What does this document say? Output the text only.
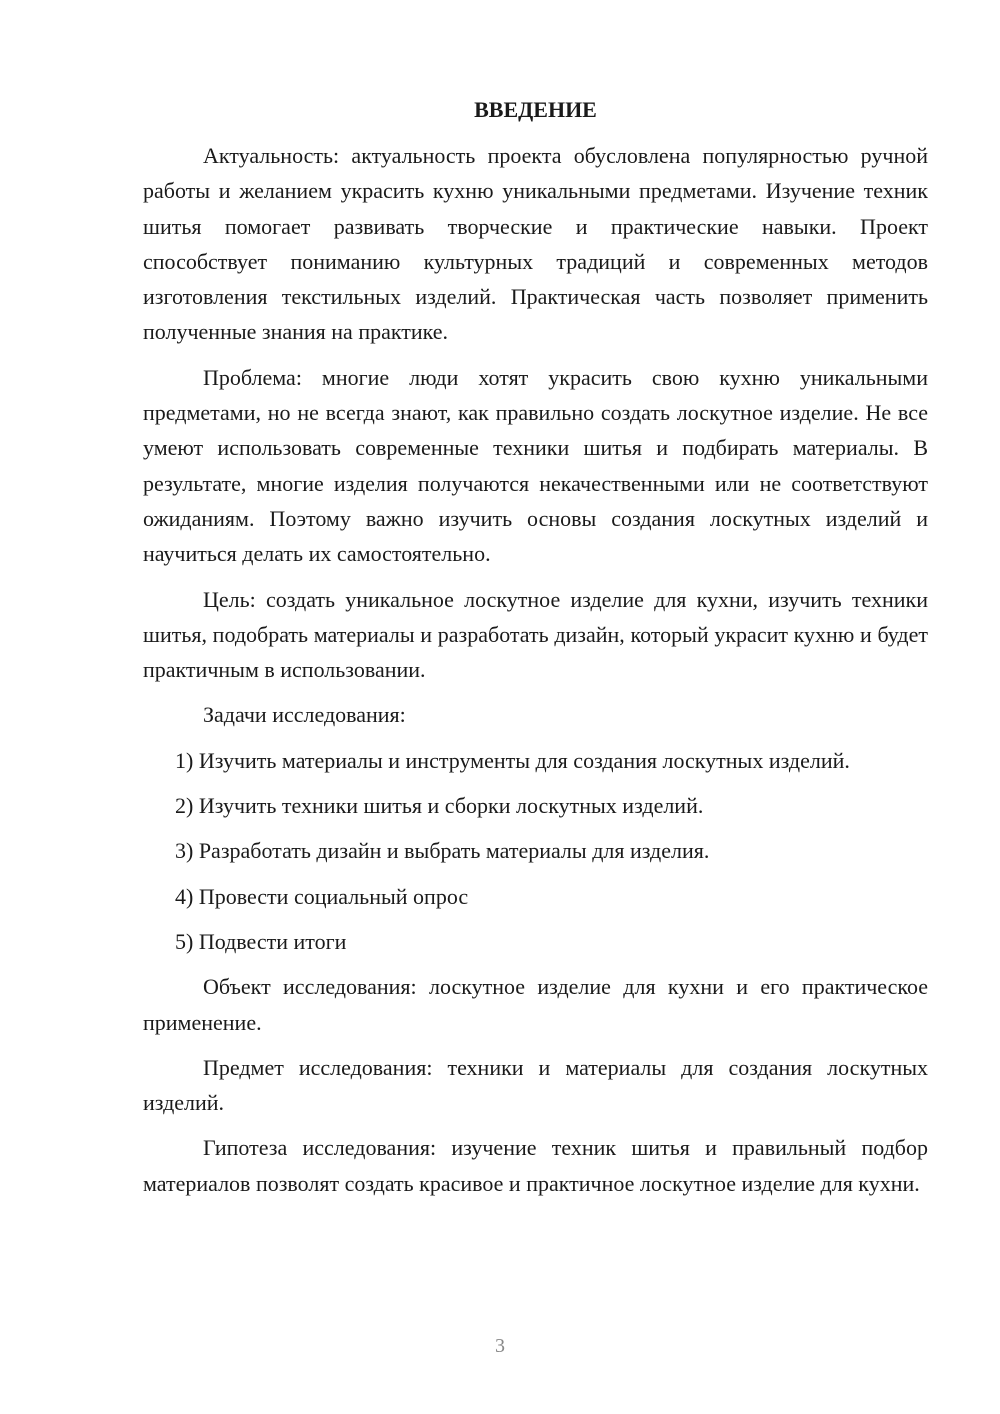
ВВЕДЕНИЕ

Актуальность: актуальность проекта обусловлена популярностью ручной работы и желанием украсить кухню уникальными предметами. Изучение техник шитья помогает развивать творческие и практические навыки. Проект способствует пониманию культурных традиций и современных методов изготовления текстильных изделий. Практическая часть позволяет применить полученные знания на практике.

Проблема: многие люди хотят украсить свою кухню уникальными предметами, но не всегда знают, как правильно создать лоскутное изделие. Не все умеют использовать современные техники шитья и подбирать материалы. В результате, многие изделия получаются некачественными или не соответствуют ожиданиям. Поэтому важно изучить основы создания лоскутных изделий и научиться делать их самостоятельно.

Цель: создать уникальное лоскутное изделие для кухни, изучить техники шитья, подобрать материалы и разработать дизайн, который украсит кухню и будет практичным в использовании.

Задачи исследования:

1) Изучить материалы и инструменты для создания лоскутных изделий.

2) Изучить техники шитья и сборки лоскутных изделий.

3) Разработать дизайн и выбрать материалы для изделия.

4) Провести социальный опрос

5) Подвести итоги

Объект исследования: лоскутное изделие для кухни и его практическое применение.

Предмет исследования: техники и материалы для создания лоскутных изделий.

Гипотеза исследования: изучение техник шитья и правильный подбор материалов позволят создать красивое и практичное лоскутное изделие для кухни.

3
